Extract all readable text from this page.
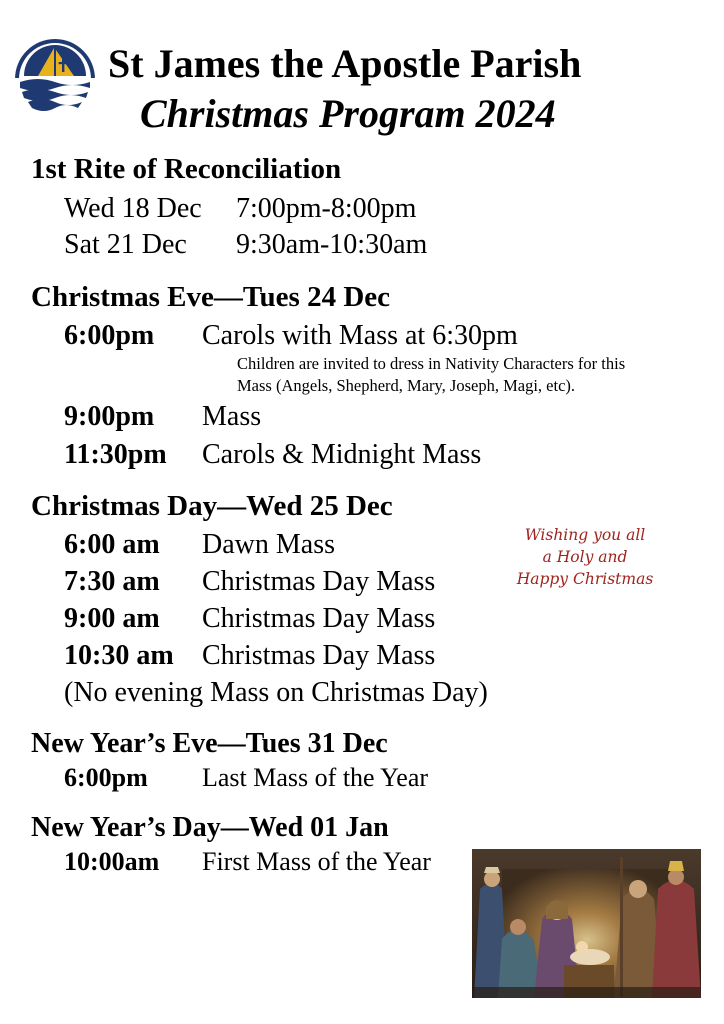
St James the Apostle Parish
Christmas Program 2024
1st Rite of Reconciliation
Wed 18 Dec 7:00pm-8:00pm
Sat 21 Dec 9:30am-10:30am
Christmas Eve—Tues 24 Dec
6:00pm Carols with Mass at 6:30pm
Children are invited to dress in Nativity Characters for this
Mass (Angels, Shepherd, Mary, Joseph, Magi, etc).
9:00pm Mass
11:30pm Carols & Midnight Mass
Christmas Day—Wed 25 Dec
6:00 am Dawn Mass
7:30 am Christmas Day Mass
9:00 am Christmas Day Mass
10:30 am Christmas Day Mass
(No evening Mass on Christmas Day)
Wishing you all
a Holy and
Happy Christmas
New Year’s Eve—Tues 31 Dec
6:00pm Last Mass of the Year
New Year’s Day—Wed 01 Jan
10:00am First Mass of the Year
